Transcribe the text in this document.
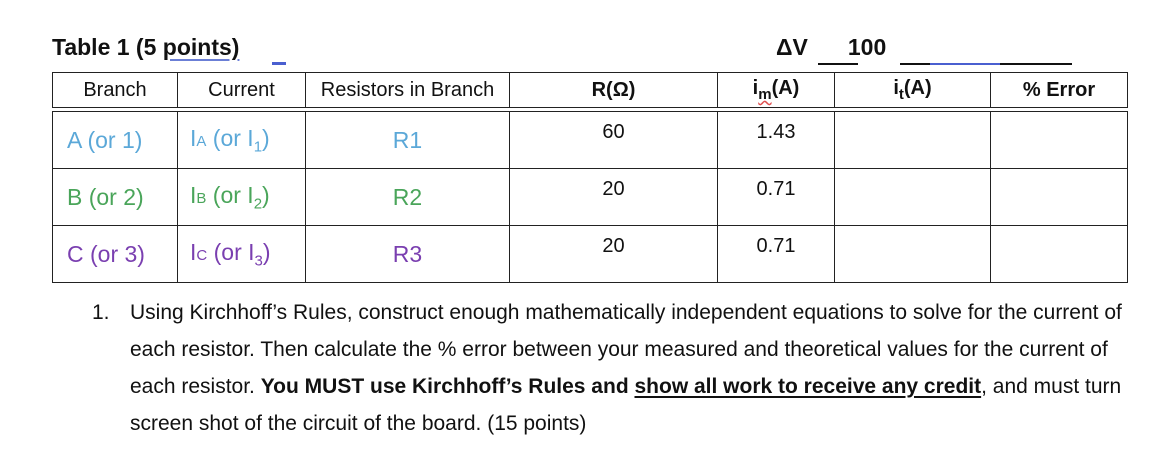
Table 1 (5 points)	ΔV 100
Branch	Current	Resistors in Branch	R(Ω)	$i_m(A)$	$i_t(A)$	% Error

A (or 1)	IA (or $I_1$)	R1	60	1.43		
B (or 2)	IB (or $I_2$)	R2	20	0.71		
C (or 3)	IC (or $I_3$)	R3	20	0.71		
1. Using Kirchhoff’s Rules, construct enough mathematically independent equations to solve for the current of each resistor. Then calculate the % error between your measured and theoretical values for the current of each resistor. You MUST use Kirchhoff’s Rules and show all work to receive any credit, and must turn screen shot of the circuit of the board. (15 points)
